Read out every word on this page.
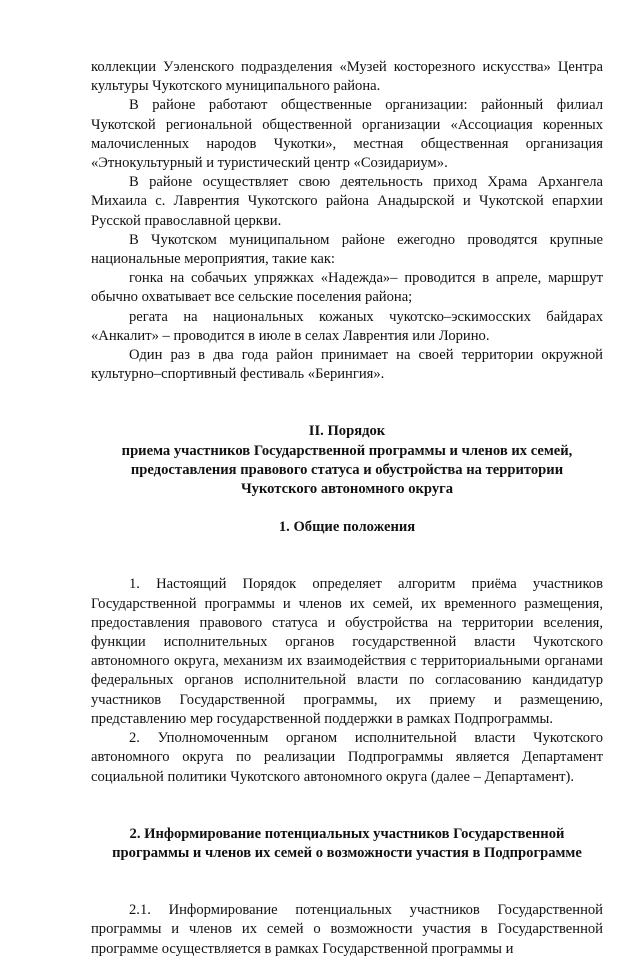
коллекции Уэленского подразделения «Музей косторезного искусства» Центра культуры Чукотского муниципального района.

В районе работают общественные организации: районный филиал Чукотской региональной общественной организации «Ассоциация коренных малочисленных народов Чукотки», местная общественная организация «Этнокультурный и туристический центр «Созидариум».

В районе осуществляет свою деятельность приход Храма Архангела Михаила с. Лаврентия Чукотского района Анадырской и Чукотской епархии Русской православной церкви.

В Чукотском муниципальном районе ежегодно проводятся крупные национальные мероприятия, такие как:

гонка на собачьих упряжках «Надежда»– проводится в апреле, маршрут обычно охватывает все сельские поселения района;

регата на национальных кожаных чукотско–эскимосских байдарах «Анкалит» – проводится в июле в селах Лаврентия или Лорино.

Один раз в два года район принимает на своей территории окружной культурно–спортивный фестиваль «Берингия».

II. Порядок
приема участников Государственной программы и членов их семей, предоставления правового статуса и обустройства на территории Чукотского автономного округа
1. Общие положения

1. Настоящий Порядок определяет алгоритм приёма участников Государственной программы и членов их семей, их временного размещения, предоставления правового статуса и обустройства на территории вселения, функции исполнительных органов государственной власти Чукотского автономного округа, механизм их взаимодействия с территориальными органами федеральных органов исполнительной власти по согласованию кандидатур участников Государственной программы, их приему и размещению, представлению мер государственной поддержки в рамках Подпрограммы.

2. Уполномоченным органом исполнительной власти Чукотского автономного округа по реализации Подпрограммы является Департамент социальной политики Чукотского автономного округа (далее – Департамент).

2. Информирование потенциальных участников Государственной программы и членов их семей о возможности участия в Подпрограмме

2.1. Информирование потенциальных участников Государственной программы и членов их семей о возможности участия в Государственной программе осуществляется в рамках Государственной программы и
